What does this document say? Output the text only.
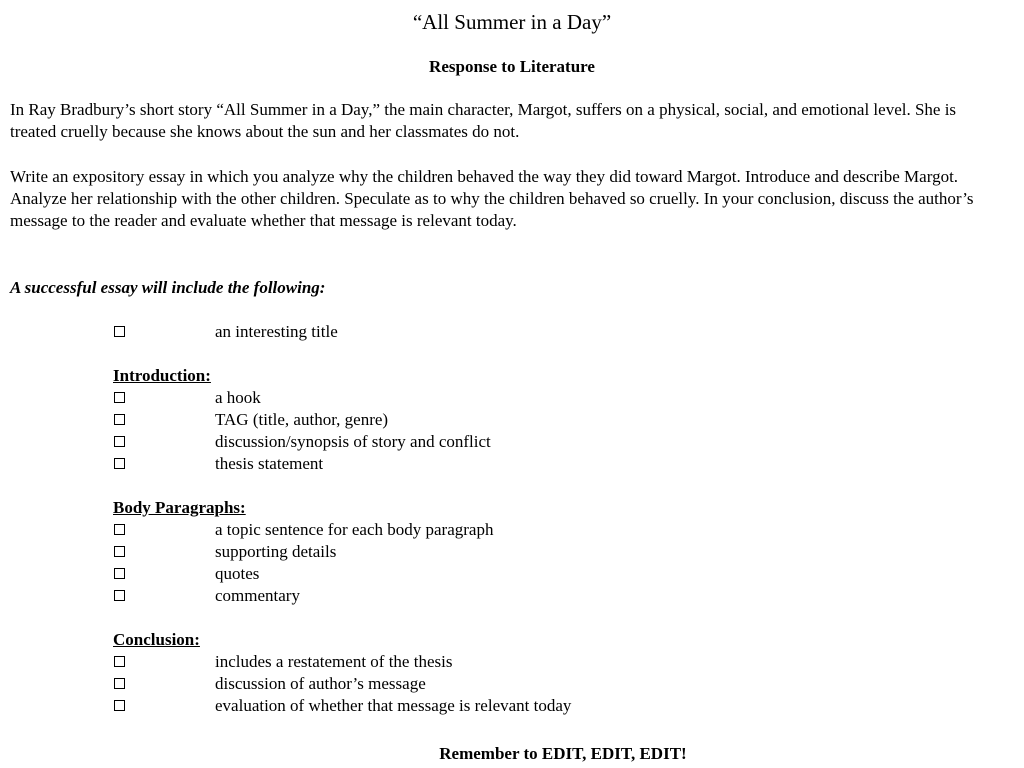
“All Summer in a Day”
Response to Literature

In Ray Bradbury’s short story “All Summer in a Day,” the main character, Margot, suffers on a physical, social, and emotional level. She is treated cruelly because she knows about the sun and her classmates do not.

Write an expository essay in which you analyze why the children behaved the way they did toward Margot. Introduce and describe Margot. Analyze her relationship with the other children. Speculate as to why the children behaved so cruelly. In your conclusion, discuss the author’s message to the reader and evaluate whether that message is relevant today.

A successful essay will include the following:
an interesting title
Introduction:
a hook
TAG (title, author, genre)
discussion/synopsis of story and conflict
thesis statement
Body Paragraphs:
a topic sentence for each body paragraph
supporting details
quotes
commentary
Conclusion:
includes a restatement of the thesis
discussion of author’s message
evaluation of whether that message is relevant today
Remember to EDIT, EDIT, EDIT!
